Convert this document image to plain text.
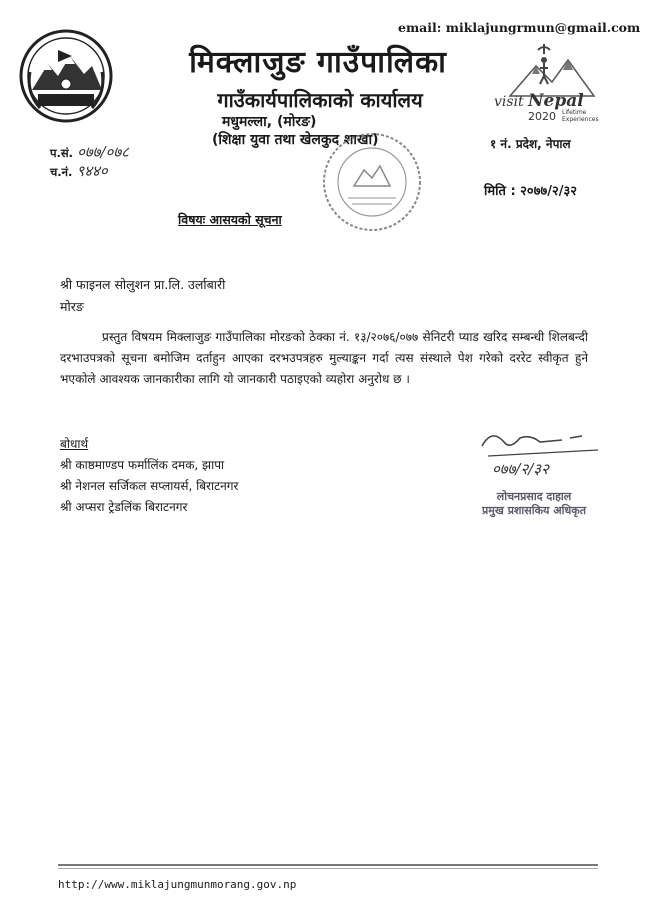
email: miklajungrmun@gmail.com
मिक्लाजुङ गाउँपालिका
गाउँकार्यपालिकाको कार्यालय
मधुमल्ला, (मोरङ)
(शिक्षा युवा तथा खेलकुद शाखा)
visit Nepal
2020 Lifetime
Experiences
१ नं. प्रदेश, नेपाल
प.सं. ०७७/०७८
च.नं. ९४४०
मिति : २०७७/२/३२
विषयः आसयको सूचना
श्री फाइनल सोलुशन प्रा.लि. उर्लाबारी
मोरङ
प्रस्तुत विषयम मिक्लाजुङ गाउँपालिका मोरङको ठेक्का नं. १३/२०७६/०७७ सेनिटरी प्याड खरिद सम्बन्धी शिलबन्दी दरभाउपत्रको सूचना बमोजिम दर्ताहुन आएका दरभउपत्रहरु मुल्याङ्कन गर्दा त्यस संस्थाले पेश गरेको दररेट स्वीकृत हुने भएकोले आवश्यक जानकारीका लागि यो जानकारी पठाइएको व्यहोरा अनुरोध छ ।
बोधार्थ
श्री काष्ठमाण्डप फर्मालिंक दमक, झापा
श्री नेशनल सर्जिकल सप्लायर्स, बिराटनगर
श्री अप्सरा ट्रेडलिंक बिराटनगर
०७७/२/३२
लोचनप्रसाद दाहाल
प्रमुख प्रशासकिय अधिकृत
http://www.miklajungmunmorang.gov.np
